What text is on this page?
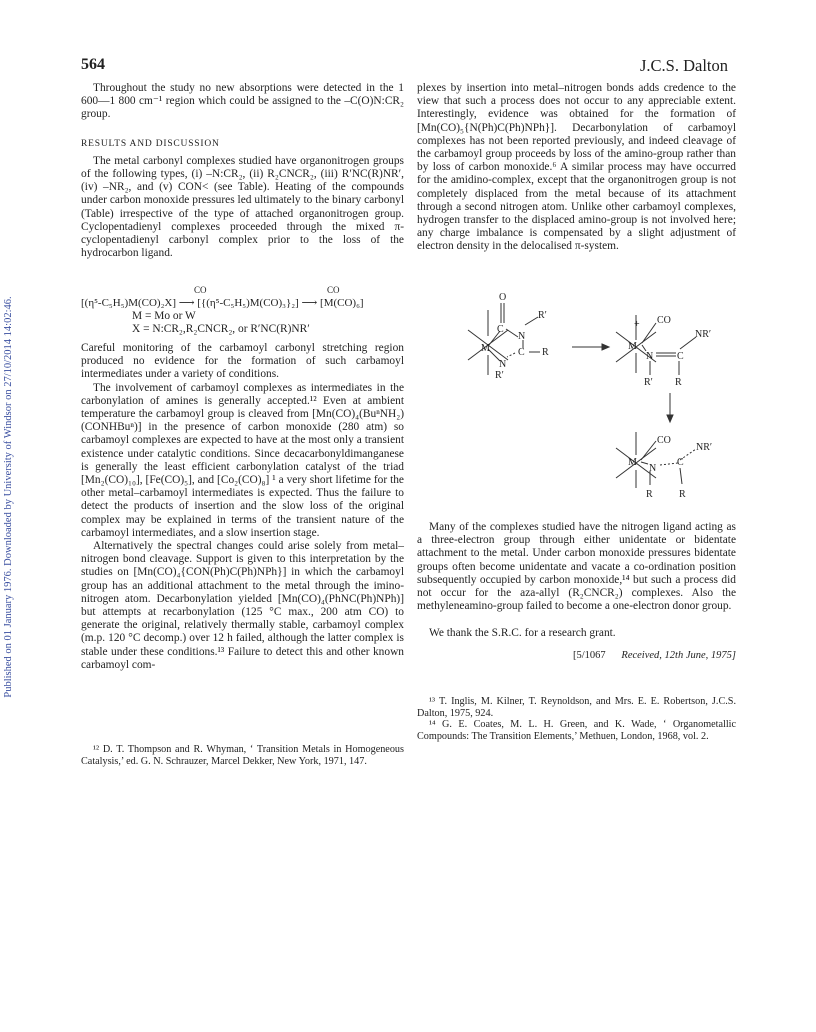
564	J.C.S. Dalton
Published on 01 January 1976. Downloaded by University of Windsor on 27/10/2014 14:02:46.

Throughout the study no new absorptions were detected in the 1 600—1 800 cm⁻¹ region which could be assigned to the –C(O)N:CR₂ group.

RESULTS AND DISCUSSION

The metal carbonyl complexes studied have organonitrogen groups of the following types, (i) –N:CR₂, (ii) R₂CNCR₂, (iii) R′NC(R)NR′, (iv) –NR₂, and (v) CON< (see Table). Heating of the compounds under carbon monoxide pressures led ultimately to the binary carbonyl (Table) irrespective of the type of attached organonitrogen group. Cyclopentadienyl complexes proceeded through the mixed π-cyclopentadienyl carbonyl complex prior to the loss of the hydrocarbon ligand.

CO	CO
[(η⁵-C₅H₅)M(CO)₂X] ⟶ [{(η⁵-C₅H₅)M(CO)₃}₂] ⟶ [M(CO)₆]
M = Mo or W
X = N:CR₂,R₂CNCR₂, or R′NC(R)NR′

Careful monitoring of the carbamoyl carbonyl stretching region produced no evidence for the formation of such carbamoyl intermediates under a variety of conditions.

The involvement of carbamoyl complexes as intermediates in the carbonylation of amines is generally accepted.¹² Even at ambient temperature the carbamoyl group is cleaved from [Mn(CO)₄(BuⁿNH₂)(CONHBuⁿ)] in the presence of carbon monoxide (280 atm) so carbamoyl complexes are expected to have at the most only a transient existence under catalytic conditions. Since decacarbonyldimanganese is generally the least efficient carbonylation catalyst of the triad [Mn₂(CO)₁₀], [Fe(CO)₅], and [Co₂(CO)₈] ¹ a very short lifetime for the other metal–carbamoyl intermediates is expected. Thus the failure to detect the products of insertion and the slow loss of the original complex may be explained in terms of the transient nature of the carbamoyl intermediates, and a slow insertion stage.

Alternatively the spectral changes could arise solely from metal–nitrogen bond cleavage. Support is given to this interpretation by the studies on [Mn(CO)₄{CON(Ph)C(Ph)NPh}] in which the carbamoyl group has an additional attachment to the metal through the imino-nitrogen atom. Decarbonylation yielded [Mn(CO)₄(PhNC(Ph)NPh)] but attempts at recarbonylation (125 °C max., 200 atm CO) to generate the original, relatively thermally stable, carbamoyl complex (m.p. 120 °C decomp.) over 12 h failed, although the latter complex is stable under these conditions.¹³ Failure to detect this and other known carbamoyl com-

¹² D. T. Thompson and R. Whyman, ‘ Transition Metals in Homogeneous Catalysis,’ ed. G. N. Schrauzer, Marcel Dekker, New York, 1971, 147.

plexes by insertion into metal–nitrogen bonds adds credence to the view that such a process does not occur to any appreciable extent. Interestingly, evidence was obtained for the formation of [Mn(CO)₅{N(Ph)C(Ph)NPh}]. Decarbonylation of carbamoyl complexes has not been reported previously, and indeed cleavage of the carbamoyl group proceeds by loss of the amino-group rather than by loss of carbon monoxide.⁶ A similar process may have occurred for the amidino-complex, except that the organonitrogen group is not completely displaced from the metal because of its attachment through a second nitrogen atom. Unlike other carbamoyl complexes, hydrogen transfer to the displaced amino-group is not involved here; any charge imbalance is compensated by a slight adjustment of electron density in the delocalised π-system.

O
C
N
R′
M	C R
N
R′
+
M
CO
N C
NR′
R′ R
M
CO
N
C
NR′
R	R

Many of the complexes studied have the nitrogen ligand acting as a three-electron group through either unidentate or bidentate attachment to the metal. Under carbon monoxide pressures bidentate groups often become unidentate and vacate a co-ordination position subsequently occupied by carbon monoxide,¹⁴ but such a process did not occur for the aza-allyl (R₂CNCR₂) complexes. Also the methyleneamino-group failed to become a one-electron donor group.

We thank the S.R.C. for a research grant.

[5/1067 Received, 12th June, 1975]

¹³ T. Inglis, M. Kilner, T. Reynoldson, and Mrs. E. E. Robertson, J.C.S. Dalton, 1975, 924.

¹⁴ G. E. Coates, M. L. H. Green, and K. Wade, ‘ Organometallic Compounds: The Transition Elements,’ Methuen, London, 1968, vol. 2.
